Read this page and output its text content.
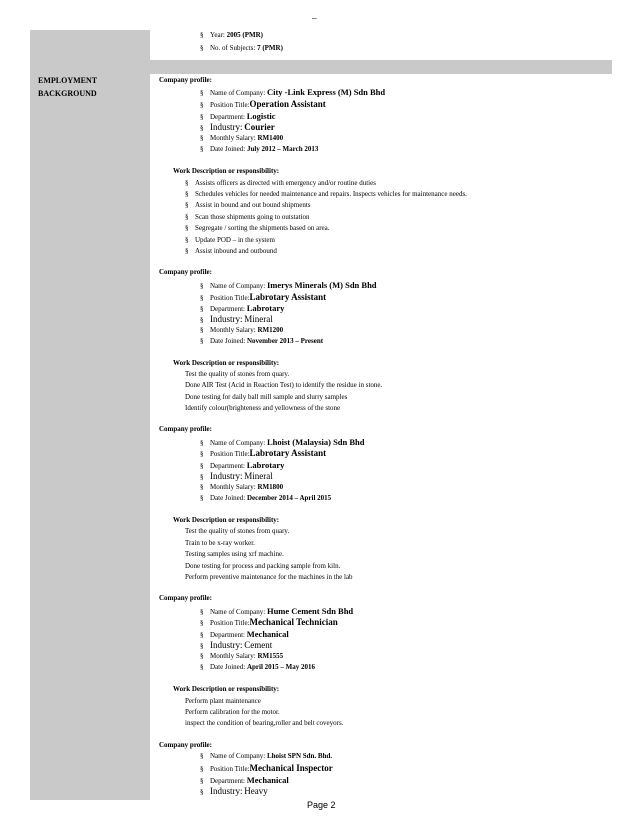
_
§ Year: 2005 (PMR)
§ No. of Subjects: 7 (PMR)
EMPLOYMENT
BACKGROUND
Company profile:
§ Name of Company: City -Link Express (M) Sdn Bhd
§ Position Title:Operation Assistant
§ Department: Logistic
§ Industry: Courier
§ Monthly Salary: RM1400
§ Date Joined: July 2012 – March 2013
Work Description or responsibility:
§ Assists officers as directed with emergency and/or routine duties
§ Schedules vehicles for needed maintenance and repairs. Inspects vehicles for maintenance needs.
§ Assist in bound and out bound shipments
§ Scan those shipments going to outstation
§ Segregate / sorting the shipments based on area.
§ Update POD – in the system
§ Assist inbound and outbound
Company profile:
§ Name of Company: Imerys Minerals (M) Sdn Bhd
§ Position Title:Labrotary Assistant
§ Department: Labrotary
§ Industry: Mineral
§ Monthly Salary: RM1200
§ Date Joined: November 2013 – Present
Work Description or responsibility:
Test the quality of stones from quary.
Done AIR Test (Acid in Reaction Test) to identify the residue in stone.
Done testing for daily ball mill sample and slurry samples
Identify colour(brighteness and yellowness of the stone
Company profile:
§ Name of Company: Lhoist (Malaysia) Sdn Bhd
§ Position Title:Labrotary Assistant
§ Department: Labrotary
§ Industry: Mineral
§ Monthly Salary: RM1800
§ Date Joined: December 2014 – April 2015
Work Description or responsibility:
Test the quality of stones from quary.
Train to be x-ray worker.
Testing samples using xrf machine.
Done testing for process and packing sample from kiln.
Perform preventive maintenance for the machines in the lab
Company profile:
§ Name of Company: Hume Cement Sdn Bhd
§ Position Title:Mechanical Technician
§ Department: Mechanical
§ Industry: Cement
§ Monthly Salary: RM1555
§ Date Joined: April 2015 – May 2016
Work Description or responsibility:
Perform plant maintenance
Perform calibration for the motor.
inspect the condition of bearing,roller and belt coveyors.
Company profile:
§ Name of Company: Lhoist SPN Sdn. Bhd.
§ Position Title:Mechanical Inspector
§ Department: Mechanical
§ Industry: Heavy
Page 2
